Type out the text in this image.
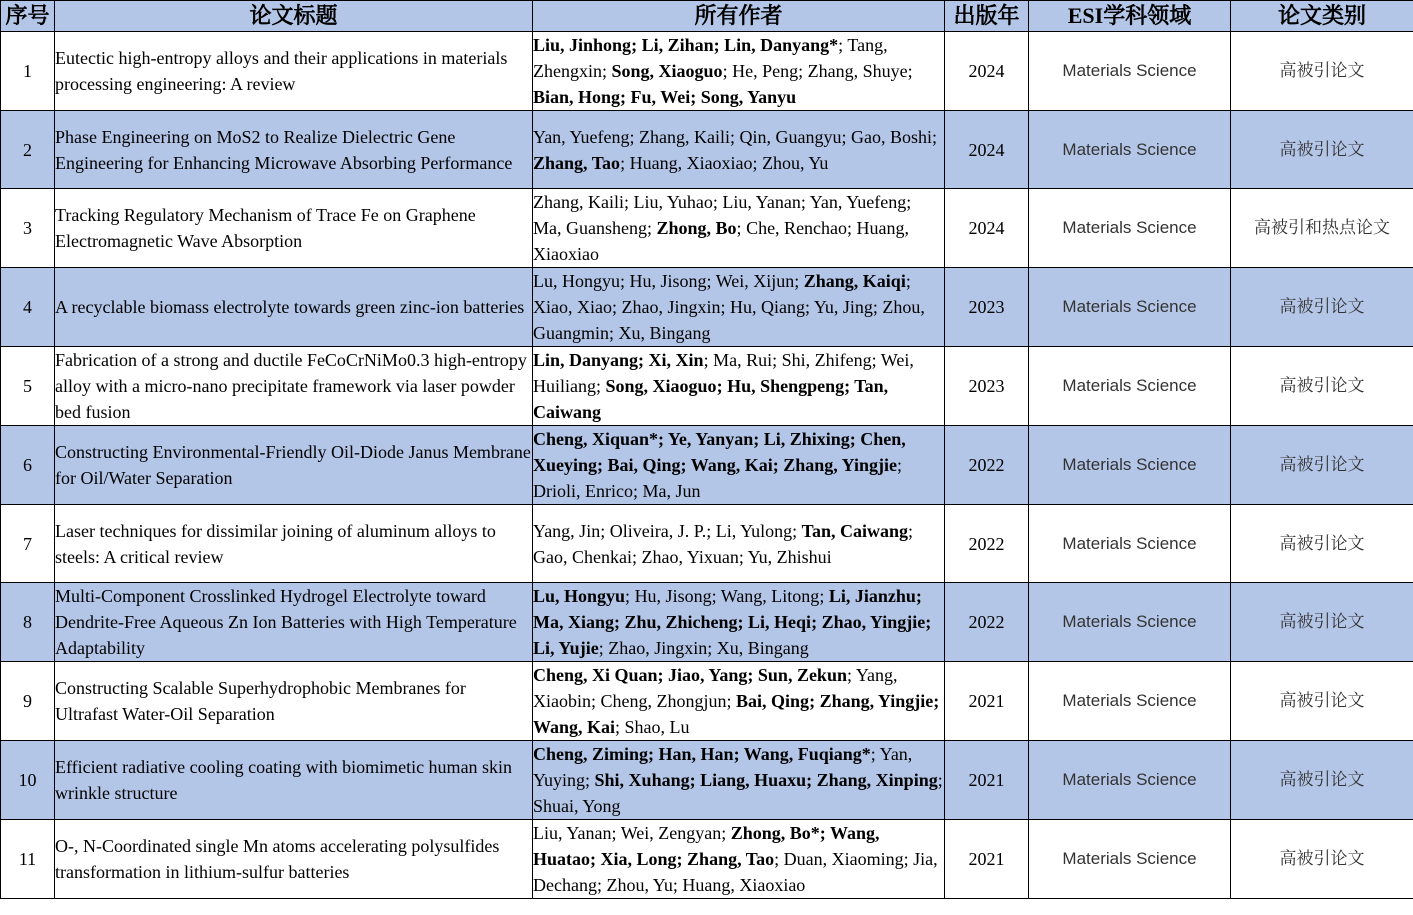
序号	论文标题	所有作者	出版年	ESI学科领域	论文类别
1	Eutectic high-entropy alloys and their applications in materials processing engineering: A review	Liu, Jinhong; Li, Zihan; Lin, Danyang*; Tang, Zhengxin; Song, Xiaoguo; He, Peng; Zhang, Shuye; Bian, Hong; Fu, Wei; Song, Yanyu	2024	Materials Science	高被引论文
2	Phase Engineering on MoS2 to Realize Dielectric Gene Engineering for Enhancing Microwave Absorbing Performance	Yan, Yuefeng; Zhang, Kaili; Qin, Guangyu; Gao, Boshi; Zhang, Tao; Huang, Xiaoxiao; Zhou, Yu	2024	Materials Science	高被引论文
3	Tracking Regulatory Mechanism of Trace Fe on Graphene Electromagnetic Wave Absorption	Zhang, Kaili; Liu, Yuhao; Liu, Yanan; Yan, Yuefeng; Ma, Guansheng; Zhong, Bo; Che, Renchao; Huang, Xiaoxiao	2024	Materials Science	高被引和热点论文
4	A recyclable biomass electrolyte towards green zinc-ion batteries	Lu, Hongyu; Hu, Jisong; Wei, Xijun; Zhang, Kaiqi; Xiao, Xiao; Zhao, Jingxin; Hu, Qiang; Yu, Jing; Zhou, Guangmin; Xu, Bingang	2023	Materials Science	高被引论文
5	Fabrication of a strong and ductile FeCoCrNiMo0.3 high-entropy alloy with a micro-nano precipitate framework via laser powder bed fusion	Lin, Danyang; Xi, Xin; Ma, Rui; Shi, Zhifeng; Wei, Huiliang; Song, Xiaoguo; Hu, Shengpeng; Tan, Caiwang	2023	Materials Science	高被引论文
6	Constructing Environmental-Friendly Oil-Diode Janus Membrane for Oil/Water Separation	Cheng, Xiquan*; Ye, Yanyan; Li, Zhixing; Chen, Xueying; Bai, Qing; Wang, Kai; Zhang, Yingjie; Drioli, Enrico; Ma, Jun	2022	Materials Science	高被引论文
7	Laser techniques for dissimilar joining of aluminum alloys to steels: A critical review	Yang, Jin; Oliveira, J. P.; Li, Yulong; Tan, Caiwang; Gao, Chenkai; Zhao, Yixuan; Yu, Zhishui	2022	Materials Science	高被引论文
8	Multi-Component Crosslinked Hydrogel Electrolyte toward Dendrite-Free Aqueous Zn Ion Batteries with High Temperature Adaptability	Lu, Hongyu; Hu, Jisong; Wang, Litong; Li, Jianzhu; Ma, Xiang; Zhu, Zhicheng; Li, Heqi; Zhao, Yingjie; Li, Yujie; Zhao, Jingxin; Xu, Bingang	2022	Materials Science	高被引论文
9	Constructing Scalable Superhydrophobic Membranes for Ultrafast Water-Oil Separation	Cheng, Xi Quan; Jiao, Yang; Sun, Zekun; Yang, Xiaobin; Cheng, Zhongjun; Bai, Qing; Zhang, Yingjie; Wang, Kai; Shao, Lu	2021	Materials Science	高被引论文
10	Efficient radiative cooling coating with biomimetic human skin wrinkle structure	Cheng, Ziming; Han, Han; Wang, Fuqiang*; Yan, Yuying; Shi, Xuhang; Liang, Huaxu; Zhang, Xinping; Shuai, Yong	2021	Materials Science	高被引论文
11	O-, N-Coordinated single Mn atoms accelerating polysulfides transformation in lithium-sulfur batteries	Liu, Yanan; Wei, Zengyan; Zhong, Bo*; Wang, Huatao; Xia, Long; Zhang, Tao; Duan, Xiaoming; Jia, Dechang; Zhou, Yu; Huang, Xiaoxiao	2021	Materials Science	高被引论文
